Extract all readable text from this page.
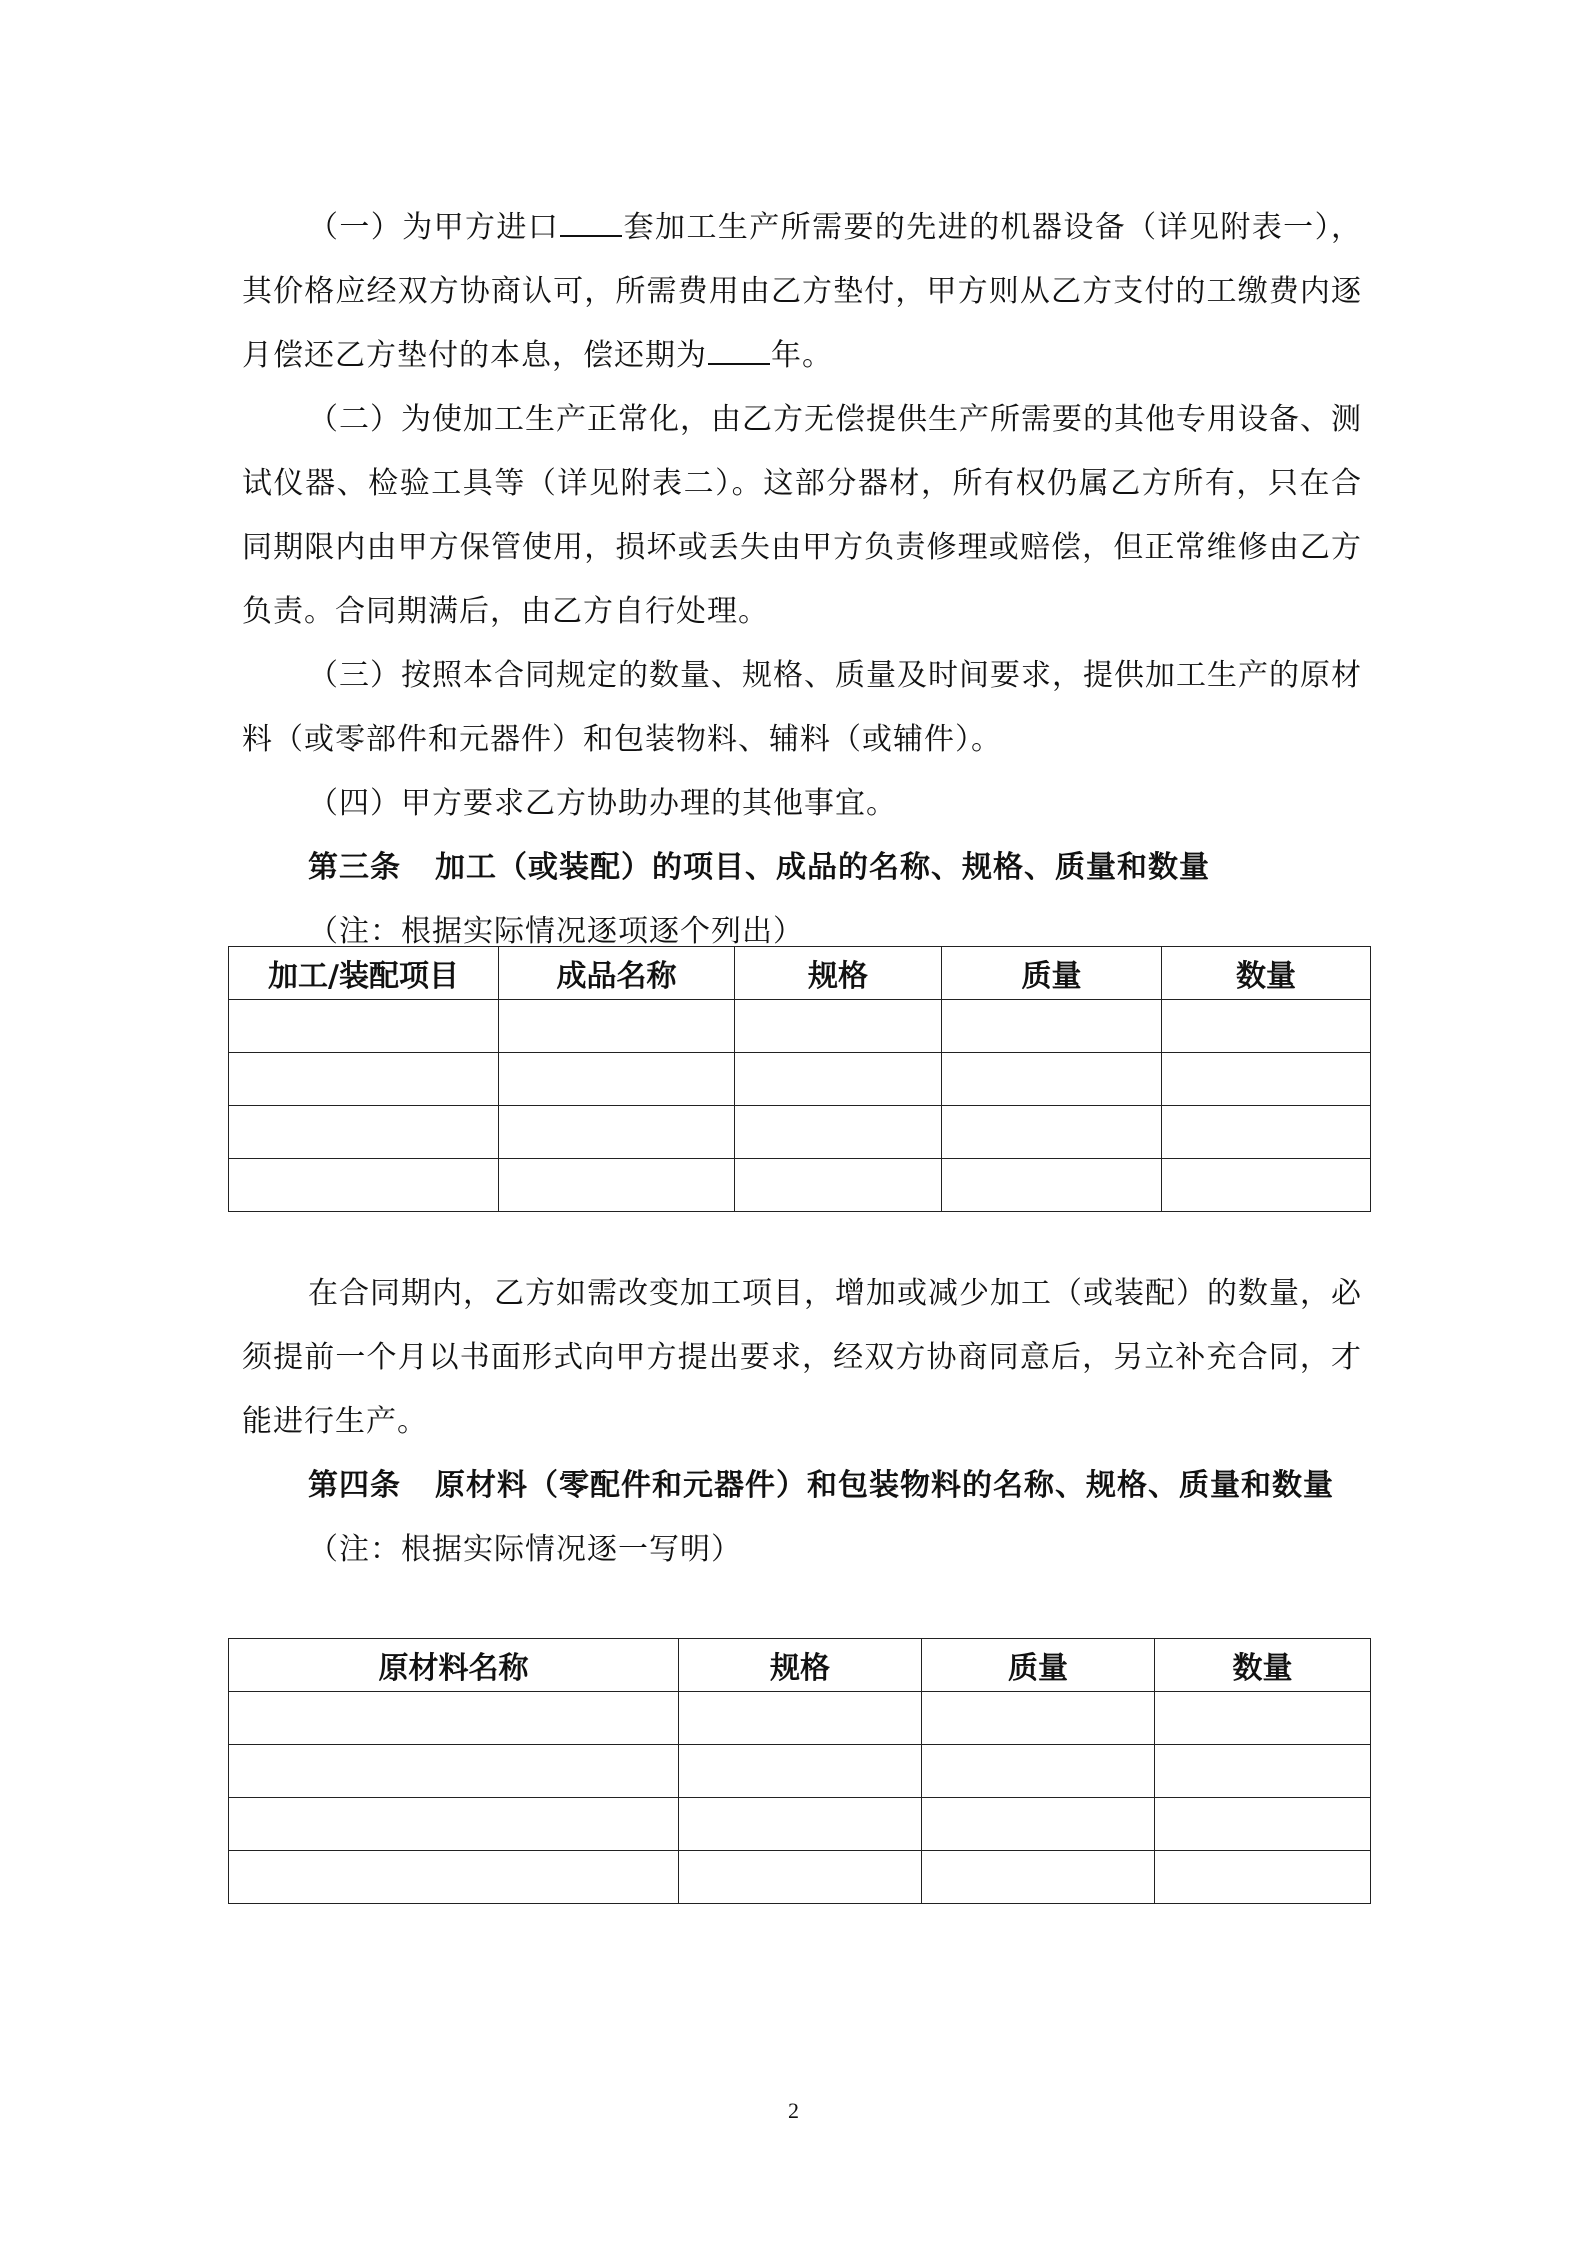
（一）为甲方进口 套加工生产所需要的先进的机器设备（详见附表一），其价格应经双方协商认可，所需费用由乙方垫付，甲方则从乙方支付的工缴费内逐月偿还乙方垫付的本息，偿还期为 年。

（二）为使加工生产正常化，由乙方无偿提供生产所需要的其他专用设备、测试仪器、检验工具等（详见附表二）。这部分器材，所有权仍属乙方所有，只在合同期限内由甲方保管使用，损坏或丢失由甲方负责修理或赔偿，但正常维修由乙方负责。合同期满后，由乙方自行处理。

（三）按照本合同规定的数量、规格、质量及时间要求，提供加工生产的原材料（或零部件和元器件）和包装物料、辅料（或辅件）。

（四）甲方要求乙方协助办理的其他事宜。

第三条 加工（或装配）的项目、成品的名称、规格、质量和数量

（注：根据实际情况逐项逐个列出）

加工/装配项目	成品名称	规格	质量	数量

在合同期内，乙方如需改变加工项目，增加或减少加工（或装配）的数量，必须提前一个月以书面形式向甲方提出要求，经双方协商同意后，另立补充合同，才能进行生产。

第四条 原材料（零配件和元器件）和包装物料的名称、规格、质量和数量

（注：根据实际情况逐一写明）

原材料名称	规格	质量	数量

2
